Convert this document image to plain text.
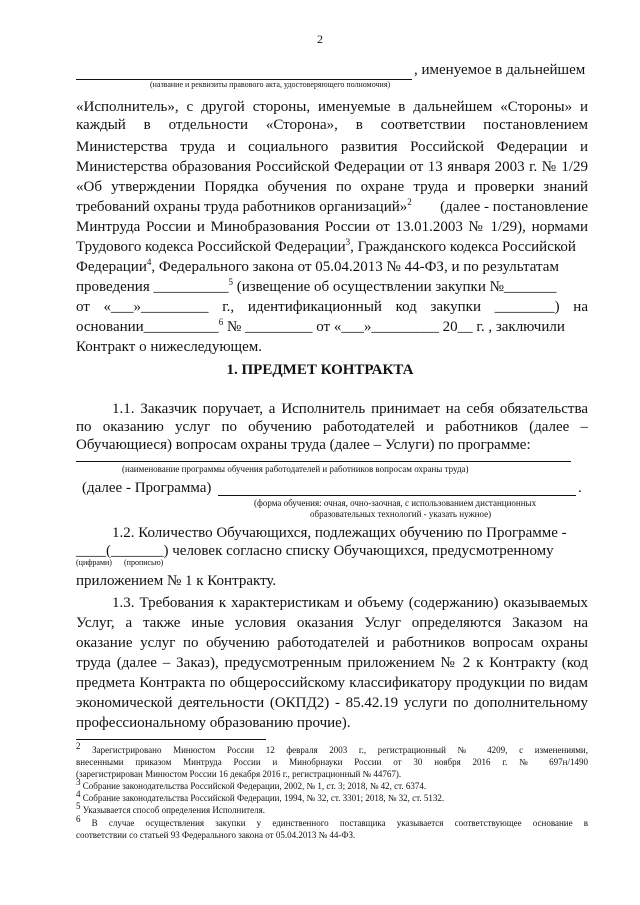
2
, именуемое в дальнейшем
(название и реквизиты правового акта, удостоверяющего полномочия)
«Исполнитель», с другой стороны, именуемые в дальнейшем «Стороны» и
каждый в отдельности «Сторона», в соответствии постановлением
Министерства труда и социального развития Российской Федерации и
Министерства образования Российской Федерации от 13 января 2003 г. № 1/29
«Об утверждении Порядка обучения по охране труда и проверки знаний
требований охраны труда работников организаций»$^2$ (далее - постановление
Минтруда России и Минобразования России от 13.01.2003 № 1/29), нормами
Трудового кодекса Российской Федерации$^3$, Гражданского кодекса Российской
Федерации$^4$, Федерального закона от 05.04.2013 № 44-ФЗ, и по результатам
проведения __________$^5$ (извещение об осуществлении закупки №_______
от «___»_________ г., идентификационный код закупки ________) на
основании__________$^6$ № _________ от «___»_________ 20__ г. , заключили
Контракт о нижеследующем.
1. ПРЕДМЕТ КОНТРАКТА
1.1. Заказчик поручает, а Исполнитель принимает на себя обязательства
по оказанию услуг по обучению работодателей и работников (далее –
Обучающиеся) вопросам охраны труда (далее – Услуги) по программе:
(наименование программы обучения работодателей и работников вопросам охраны труда)
(далее - Программа)	.
(форма обучения: очная, очно-заочная, с использованием дистанционных
образовательных технологий - указать нужное)
1.2. Количество Обучающихся, подлежащих обучению по Программе -
____(_______) человек согласно списку Обучающихся, предусмотренному
(цифрами) (прописью)
приложением № 1 к Контракту.
1.3. Требования к характеристикам и объему (содержанию) оказываемых
Услуг, а также иные условия оказания Услуг определяются Заказом на
оказание услуг по обучению работодателей и работников вопросам охраны
труда (далее – Заказ), предусмотренным приложением № 2 к Контракту (код
предмета Контракта по общероссийскому классификатору продукции по видам
экономической деятельности (ОКПД2) - 85.42.19 услуги по дополнительному
профессиональному образованию прочие).
$^2$ Зарегистрировано Минюстом России 12 февраля 2003 г., регистрационный № 4209, с изменениями,
внесенными приказом Минтруда России и Минобрнауки России от 30 ноября 2016 г. № 697н/1490
(зарегистрирован Минюстом России 16 декабря 2016 г., регистрационный № 44767).
$^3$ Собрание законодательства Российской Федерации, 2002, № 1, ст. 3; 2018, № 42, ст. 6374.
$^4$ Собрание законодательства Российской Федерации, 1994, № 32, ст. 3301; 2018, № 32, ст. 5132.
$^5$ Указывается способ определения Исполнителя.
$^6$ В случае осуществления закупки у единственного поставщика указывается соответствующее основание в
соответствии со статьей 93 Федерального закона от 05.04.2013 № 44-ФЗ.
